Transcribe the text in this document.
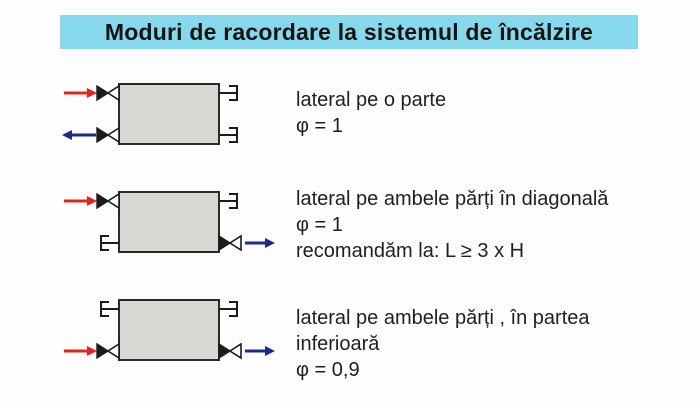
Moduri de racordare la sistemul de încălzire
lateral pe o parte
φ = 1
lateral pe ambele părți în diagonală
φ = 1
recomandăm la: L ≥ 3 x H
lateral pe ambele părți , în partea
inferioară
φ = 0,9
